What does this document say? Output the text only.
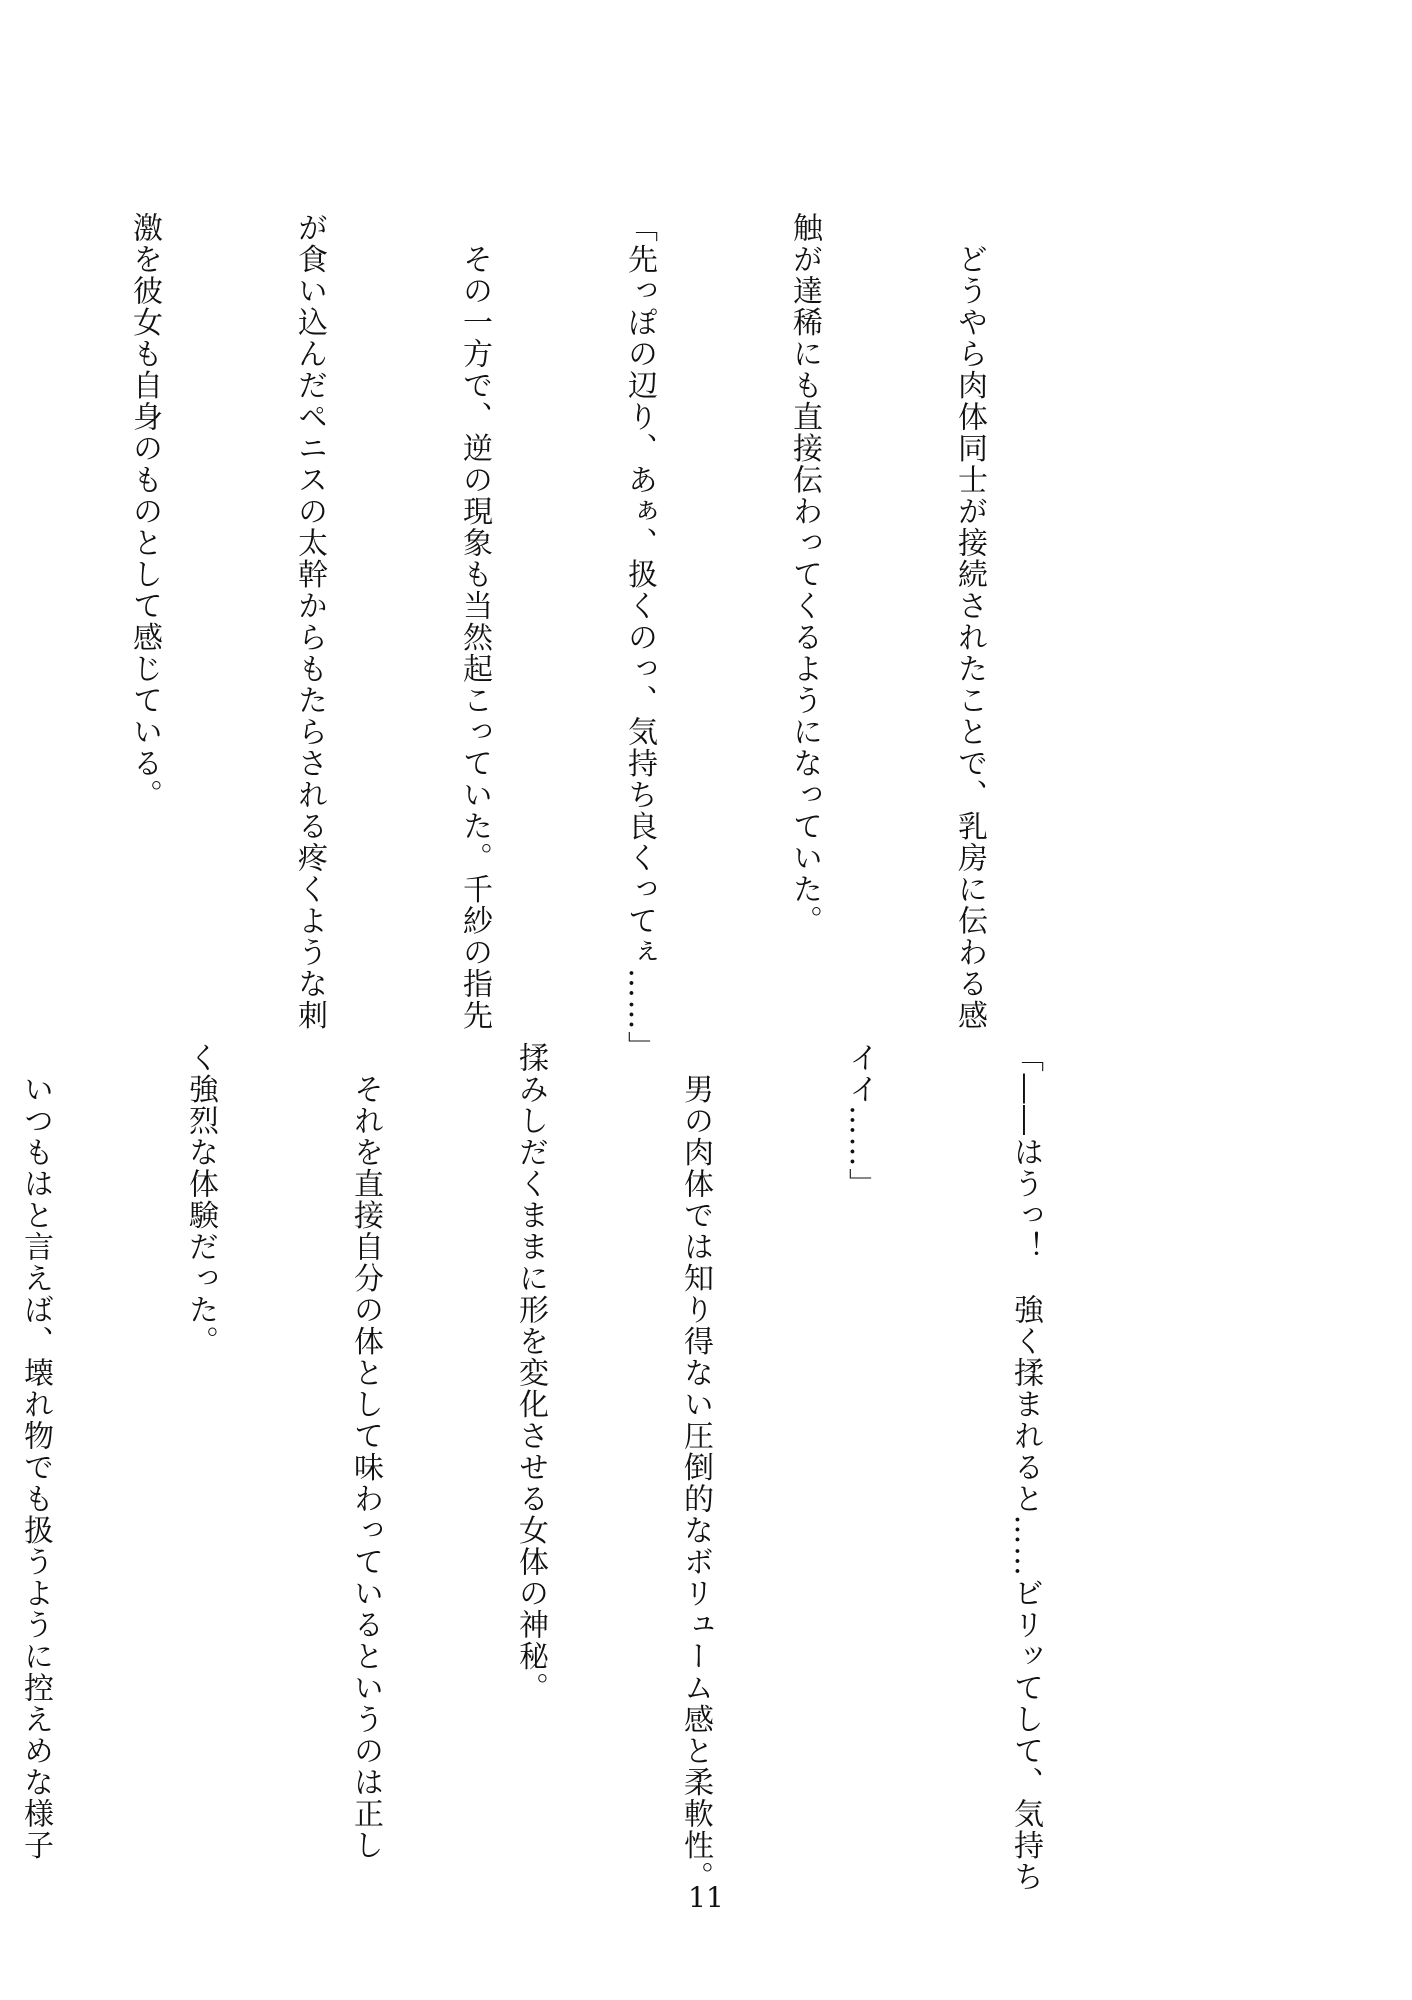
　どうやら肉体同士が接続されたことで、乳房に伝わる感

触が達稀にも直接伝わってくるようになっていた。

「先っぽの辺り、あぁ、扱くのっ、気持ち良くってぇ……」

　その一方で、逆の現象も当然起こっていた。千紗の指先

が食い込んだペニスの太幹からもたらされる疼くような刺

激を彼女も自身のものとして感じている。

「――はうっ！　強く揉まれると……ビリッてして、気持ち

イイ……」

　男の肉体では知り得ない圧倒的なボリューム感と柔軟性。

揉みしだくままに形を変化させる女体の神秘。

　それを直接自分の体として味わっているというのは正し

く強烈な体験だった。

　いつもはと言えば、壊れ物でも扱うように控えめな様子

11
